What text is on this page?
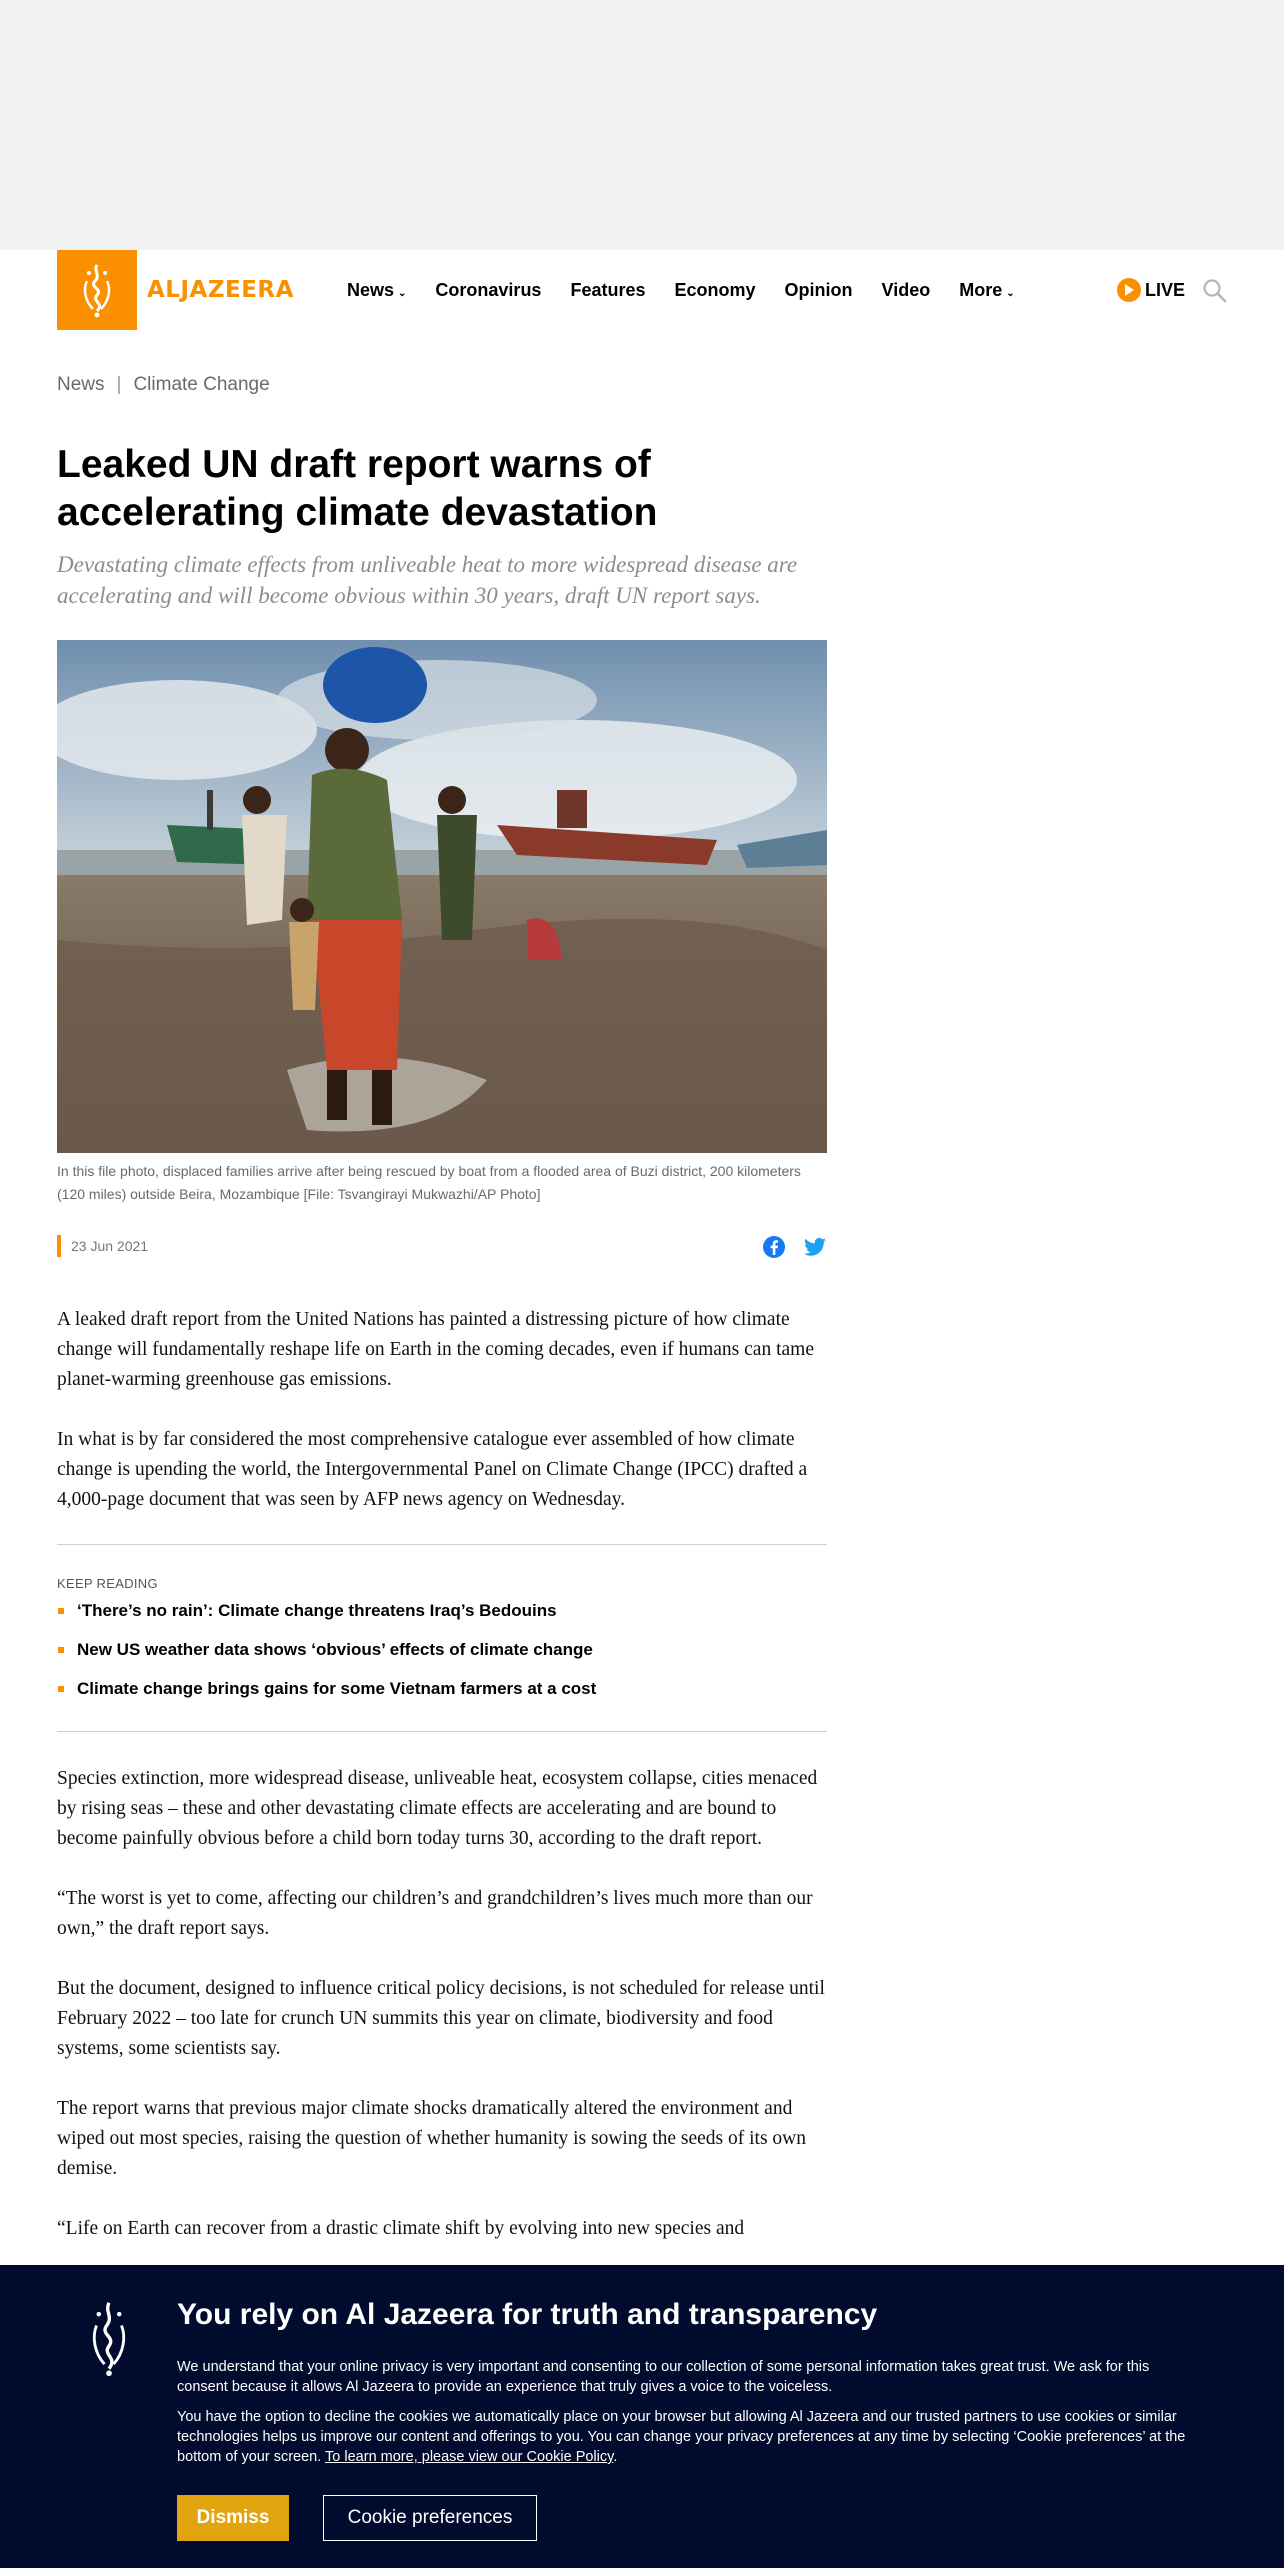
ALJAZEERA	News ⌄ Coronavirus Features Economy Opinion Video More ⌄	LIVE
News | Climate Change
Leaked UN draft report warns of accelerating climate devastation

Devastating climate effects from unliveable heat to more widespread disease are accelerating and will become obvious within 30 years, draft UN report says.

In this file photo, displaced families arrive after being rescued by boat from a flooded area of Buzi district, 200 kilometers (120 miles) outside Beira, Mozambique [File: Tsvangirayi Mukwazhi/AP Photo]

23 Jun 2021

A leaked draft report from the United Nations has painted a distressing picture of how climate change will fundamentally reshape life on Earth in the coming decades, even if humans can tame planet-warming greenhouse gas emissions.

In what is by far considered the most comprehensive catalogue ever assembled of how climate change is upending the world, the Intergovernmental Panel on Climate Change (IPCC) drafted a 4,000-page document that was seen by AFP news agency on Wednesday.

KEEP READING
‘There’s no rain’: Climate change threatens Iraq’s Bedouins
New US weather data shows ‘obvious’ effects of climate change
Climate change brings gains for some Vietnam farmers at a cost

Species extinction, more widespread disease, unliveable heat, ecosystem collapse, cities menaced by rising seas – these and other devastating climate effects are accelerating and are bound to become painfully obvious before a child born today turns 30, according to the draft report.

“The worst is yet to come, affecting our children’s and grandchildren’s lives much more than our own,” the draft report says.

But the document, designed to influence critical policy decisions, is not scheduled for release until February 2022 – too late for crunch UN summits this year on climate, biodiversity and food systems, some scientists say.

The report warns that previous major climate shocks dramatically altered the environment and wiped out most species, raising the question of whether humanity is sowing the seeds of its own demise.

“Life on Earth can recover from a drastic climate shift by evolving into new species and

You rely on Al Jazeera for truth and transparency

We understand that your online privacy is very important and consenting to our collection of some personal information takes great trust. We ask for this consent because it allows Al Jazeera to provide an experience that truly gives a voice to the voiceless.

You have the option to decline the cookies we automatically place on your browser but allowing Al Jazeera and our trusted partners to use cookies or similar technologies helps us improve our content and offerings to you. You can change your privacy preferences at any time by selecting ‘Cookie preferences’ at the bottom of your screen. To learn more, please view our Cookie Policy.

Dismiss	Cookie preferences
